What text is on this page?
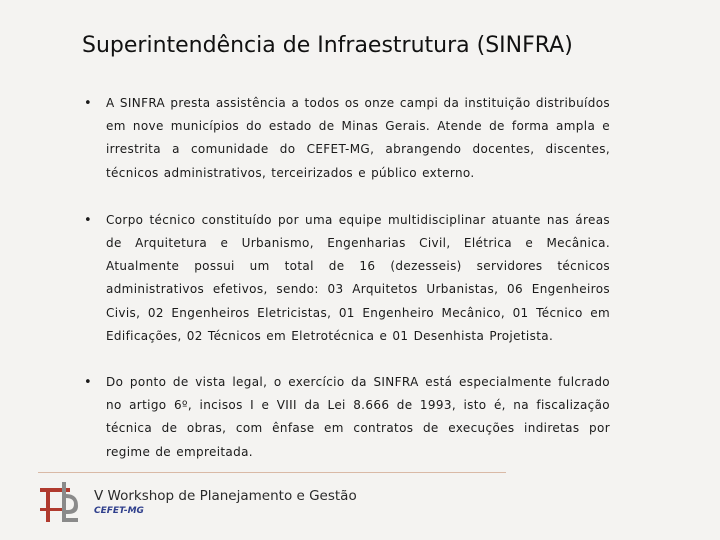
Superintendência de Infraestrutura (SINFRA)
• A SINFRA presta assistência a todos os onze campi da instituição distribuídos em nove municípios do estado de Minas Gerais. Atende de forma ampla e irrestrita a comunidade do CEFET-MG, abrangendo docentes, discentes, técnicos administrativos, terceirizados e público externo.
• Corpo técnico constituído por uma equipe multidisciplinar atuante nas áreas de Arquitetura e Urbanismo, Engenharias Civil, Elétrica e Mecânica. Atualmente possui um total de 16 (dezesseis) servidores técnicos administrativos efetivos, sendo: 03 Arquitetos Urbanistas, 06 Engenheiros Civis, 02 Engenheiros Eletricistas, 01 Engenheiro Mecânico, 01 Técnico em Edificações, 02 Técnicos em Eletrotécnica e 01 Desenhista Projetista.
• Do ponto de vista legal, o exercício da SINFRA está especialmente fulcrado no artigo 6º, incisos I e VIII da Lei 8.666 de 1993, isto é, na fiscalização técnica de obras, com ênfase em contratos de execuções indiretas por regime de empreitada.
V Workshop de Planejamento e Gestão
CEFET-MG
